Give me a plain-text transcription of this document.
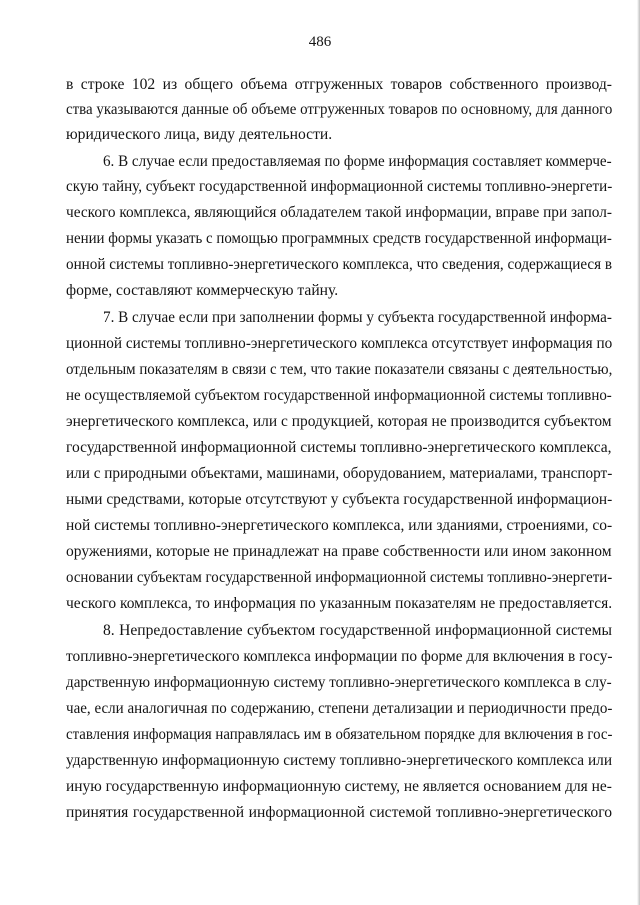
486
в строке 102 из общего объема отгруженных товаров собственного производ-
ства указываются данные об объеме отгруженных товаров по основному, для данного
юридического лица, виду деятельности.
6. В случае если предоставляемая по форме информация составляет коммерче-
скую тайну, субъект государственной информационной системы топливно-энергети-
ческого комплекса, являющийся обладателем такой информации, вправе при запол-
нении формы указать с помощью программных средств государственной информаци-
онной системы топливно-энергетического комплекса, что сведения, содержащиеся в
форме, составляют коммерческую тайну.
7. В случае если при заполнении формы у субъекта государственной информа-
ционной системы топливно-энергетического комплекса отсутствует информация по
отдельным показателям в связи с тем, что такие показатели связаны с деятельностью,
не осуществляемой субъектом государственной информационной системы топливно-
энергетического комплекса, или с продукцией, которая не производится субъектом
государственной информационной системы топливно-энергетического комплекса,
или с природными объектами, машинами, оборудованием, материалами, транспорт-
ными средствами, которые отсутствуют у субъекта государственной информацион-
ной системы топливно-энергетического комплекса, или зданиями, строениями, со-
оружениями, которые не принадлежат на праве собственности или ином законном
основании субъектам государственной информационной системы топливно-энергети-
ческого комплекса, то информация по указанным показателям не предоставляется.
8. Непредоставление субъектом государственной информационной системы
топливно-энергетического комплекса информации по форме для включения в госу-
дарственную информационную систему топливно-энергетического комплекса в слу-
чае, если аналогичная по содержанию, степени детализации и периодичности предо-
ставления информация направлялась им в обязательном порядке для включения в гос-
ударственную информационную систему топливно-энергетического комплекса или
иную государственную информационную систему, не является основанием для не-
принятия государственной информационной системой топливно-энергетического
